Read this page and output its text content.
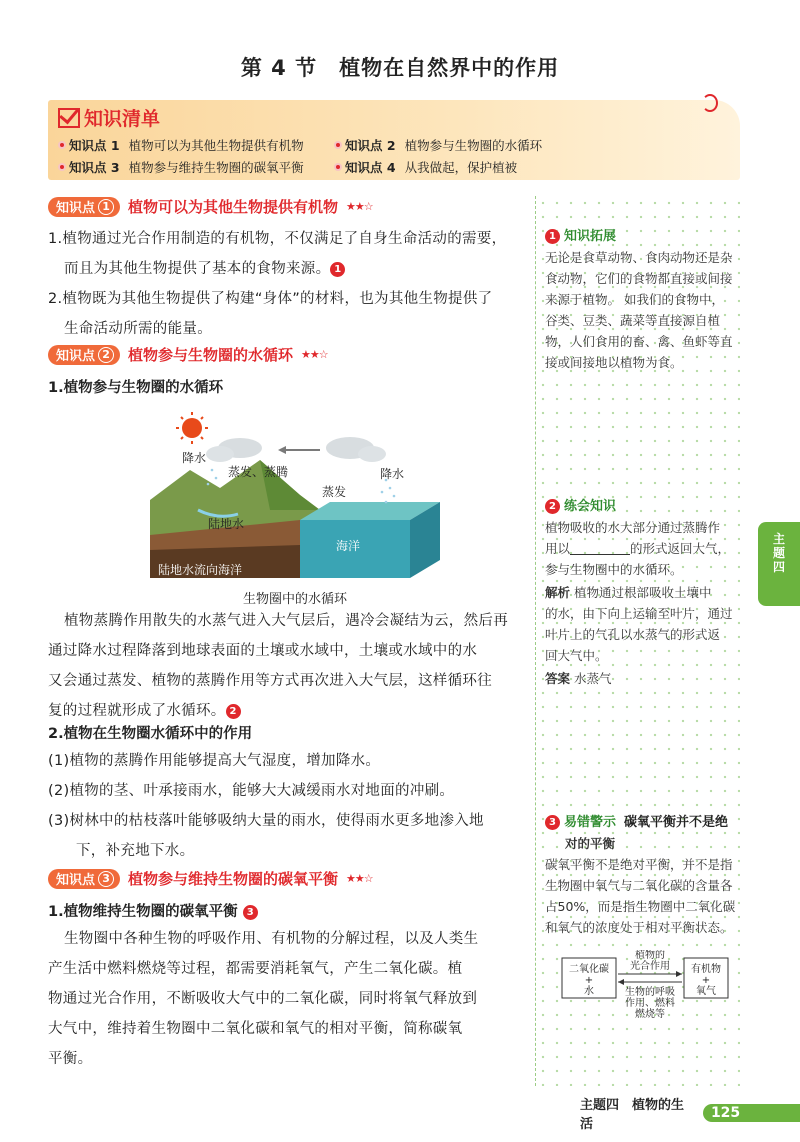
第 4 节 植物在自然界中的作用
知识清单
知识点 1 植物可以为其他生物提供有机物	知识点 2 植物参与生物圈的水循环
知识点 3 植物参与维持生物圈的碳氧平衡	知识点 4 从我做起，保护植被
知识点 1 植物可以为其他生物提供有机物 ★★☆
1.植物通过光合作用制造的有机物，不仅满足了自身生命活动的需要，
而且为其他生物提供了基本的食物来源。 1
2.植物既为其他生物提供了构建“身体”的材料，也为其他生物提供了
生命活动所需的能量。
知识点 2 植物参与生物圈的水循环 ★★☆
1.植物参与生物圈的水循环
降水
蒸发、蒸腾
蒸发
降水
陆地水
陆地水流向海洋
海洋
生物圈中的水循环
植物蒸腾作用散失的水蒸气进入大气层后，遇冷会凝结为云，然后再
通过降水过程降落到地球表面的土壤或水域中，土壤或水域中的水
又会通过蒸发、植物的蒸腾作用等方式再次进入大气层，这样循环往
复的过程就形成了水循环。 2
2.植物在生物圈水循环中的作用
(1)植物的蒸腾作用能够提高大气湿度，增加降水。
(2)植物的茎、叶承接雨水，能够大大减缓雨水对地面的冲刷。
(3)树林中的枯枝落叶能够吸纳大量的雨水，使得雨水更多地渗入地
下，补充地下水。
知识点 3 植物参与维持生物圈的碳氧平衡 ★★☆
1.植物维持生物圈的碳氧平衡 3
生物圈中各种生物的呼吸作用、有机物的分解过程，以及人类生
产生活中燃料燃烧等过程，都需要消耗氧气，产生二氧化碳。植
物通过光合作用，不断吸收大气中的二氧化碳，同时将氧气释放到
大气中，维持着生物圈中二氧化碳和氧气的相对平衡，简称碳氧
平衡。
1 知识拓展
无论是食草动物、食肉动物还是杂
食动物，它们的食物都直接或间接
来源于植物。 如我们的食物中，
谷类、豆类、蔬菜等直接源自植
物，人们食用的畜、禽、鱼虾等直
接或间接地以植物为食。
2 练会知识
植物吸收的水大部分通过蒸腾作
用以	的形式返回大气，
参与生物圈中的水循环。
解析 植物通过根部吸收土壤中
的水，由下向上运输至叶片，通过
叶片上的气孔以水蒸气的形式返
回大气中。
答案 水蒸气
3 易错警示 碳氧平衡并不是绝
对的平衡
碳氧平衡不是绝对平衡，并不是指
生物圈中氧气与二氧化碳的含量各
占50%，而是指生物圈中二氧化碳
和氧气的浓度处于相对平衡状态。
二氧化碳
+
水
植物的
光合作用
生物的呼吸
作用、燃料
燃烧等
有机物
+
氧气
主
题
四
主题四　植物的生活
125
